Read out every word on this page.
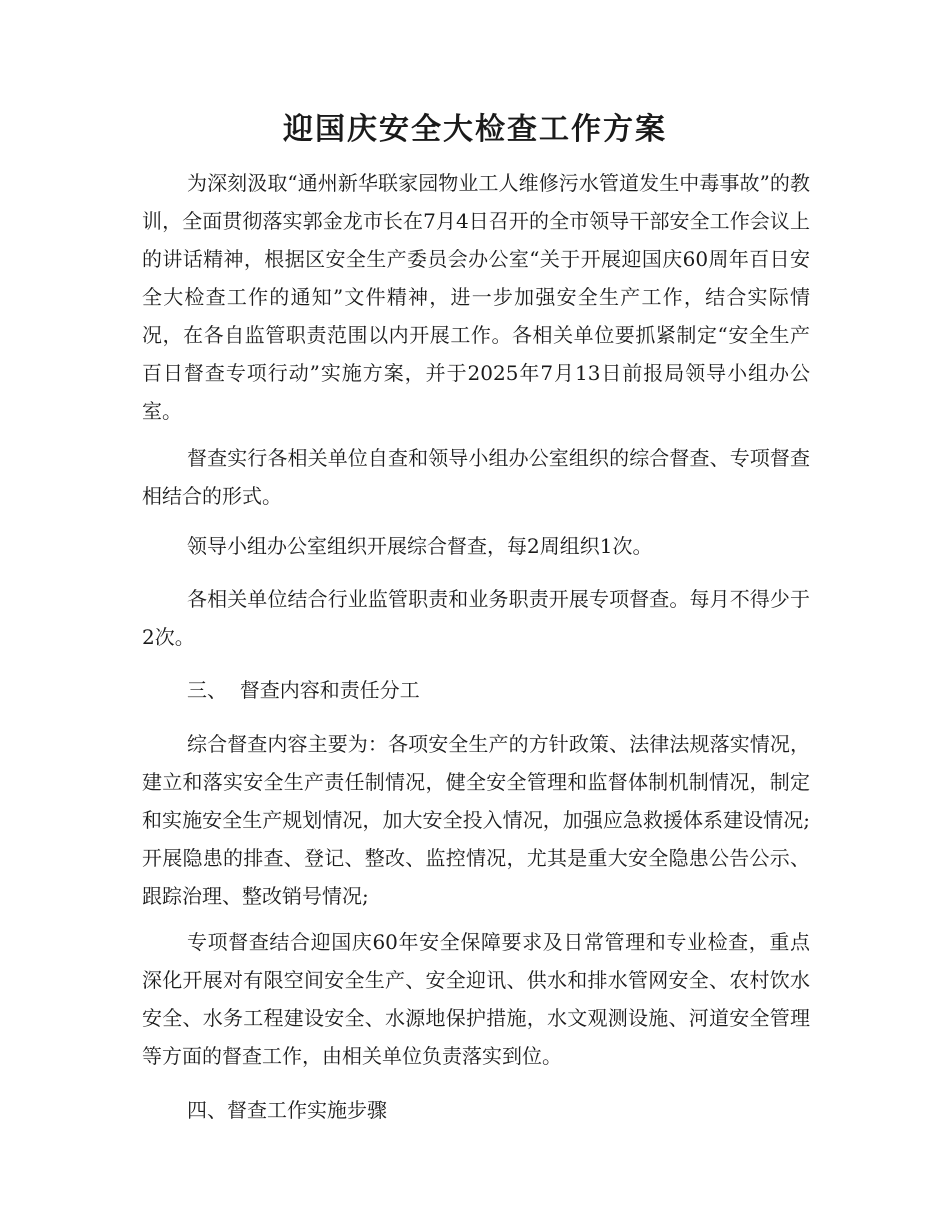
迎国庆安全大检查工作方案

为深刻汲取“通州新华联家园物业工人维修污水管道发生中毒事故”的教训，全面贯彻落实郭金龙市长在7月4日召开的全市领导干部安全工作会议上的讲话精神，根据区安全生产委员会办公室“关于开展迎国庆60周年百日安全大检查工作的通知”文件精神，进一步加强安全生产工作，结合实际情况，在各自监管职责范围以内开展工作。各相关单位要抓紧制定“安全生产百日督查专项行动”实施方案，并于2025年7月13日前报局领导小组办公室。

督查实行各相关单位自查和领导小组办公室组织的综合督查、专项督查相结合的形式。

领导小组办公室组织开展综合督查，每2周组织1次。

各相关单位结合行业监管职责和业务职责开展专项督查。每月不得少于2次。

三、  督查内容和责任分工

综合督查内容主要为：各项安全生产的方针政策、法律法规落实情况，建立和落实安全生产责任制情况，健全安全管理和监督体制机制情况，制定和实施安全生产规划情况，加大安全投入情况，加强应急救援体系建设情况;开展隐患的排查、登记、整改、监控情况，尤其是重大安全隐患公告公示、跟踪治理、整改销号情况;

专项督查结合迎国庆60年安全保障要求及日常管理和专业检查，重点深化开展对有限空间安全生产、安全迎讯、供水和排水管网安全、农村饮水安全、水务工程建设安全、水源地保护措施，水文观测设施、河道安全管理等方面的督查工作，由相关单位负责落实到位。

四、督查工作实施步骤
